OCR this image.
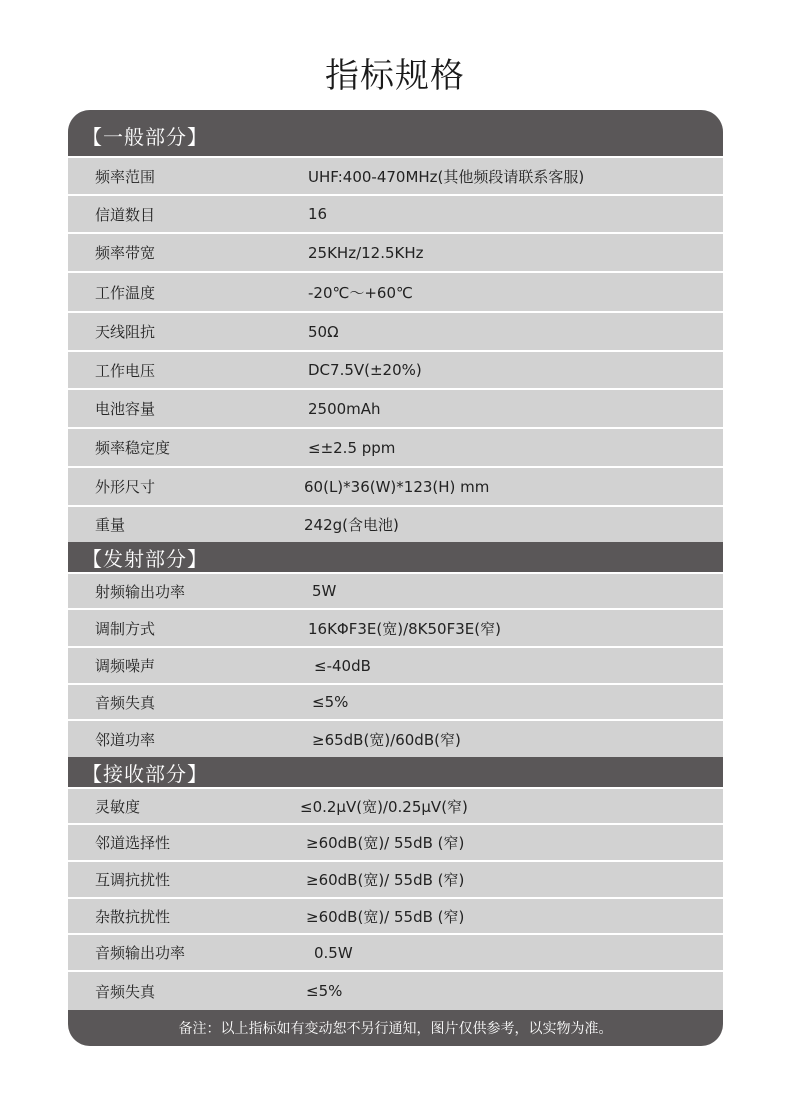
指标规格
【一般部分】
频率范围	UHF:400-470MHz(其他频段请联系客服)
信道数目	16
频率带宽	25KHz/12.5KHz
工作温度	-20℃～+60℃
天线阻抗	50Ω
工作电压	DC7.5V(±20%)
电池容量	2500mAh
频率稳定度	≤±2.5 ppm
外形尺寸	60(L)*36(W)*123(H) mm
重量	242g(含电池)
【发射部分】
射频输出功率	5W
调制方式	16KΦF3E(宽)/8K50F3E(窄)
调频噪声	≤-40dB
音频失真	≤5%
邻道功率	≥65dB(宽)/60dB(窄)
【接收部分】
灵敏度	≤0.2μV(宽)/0.25μV(窄)
邻道选择性	≥60dB(宽)/ 55dB (窄)
互调抗扰性	≥60dB(宽)/ 55dB (窄)
杂散抗扰性	≥60dB(宽)/ 55dB (窄)
音频输出功率	0.5W
音频失真	≤5%
备注：以上指标如有变动恕不另行通知，图片仅供参考，以实物为准。
